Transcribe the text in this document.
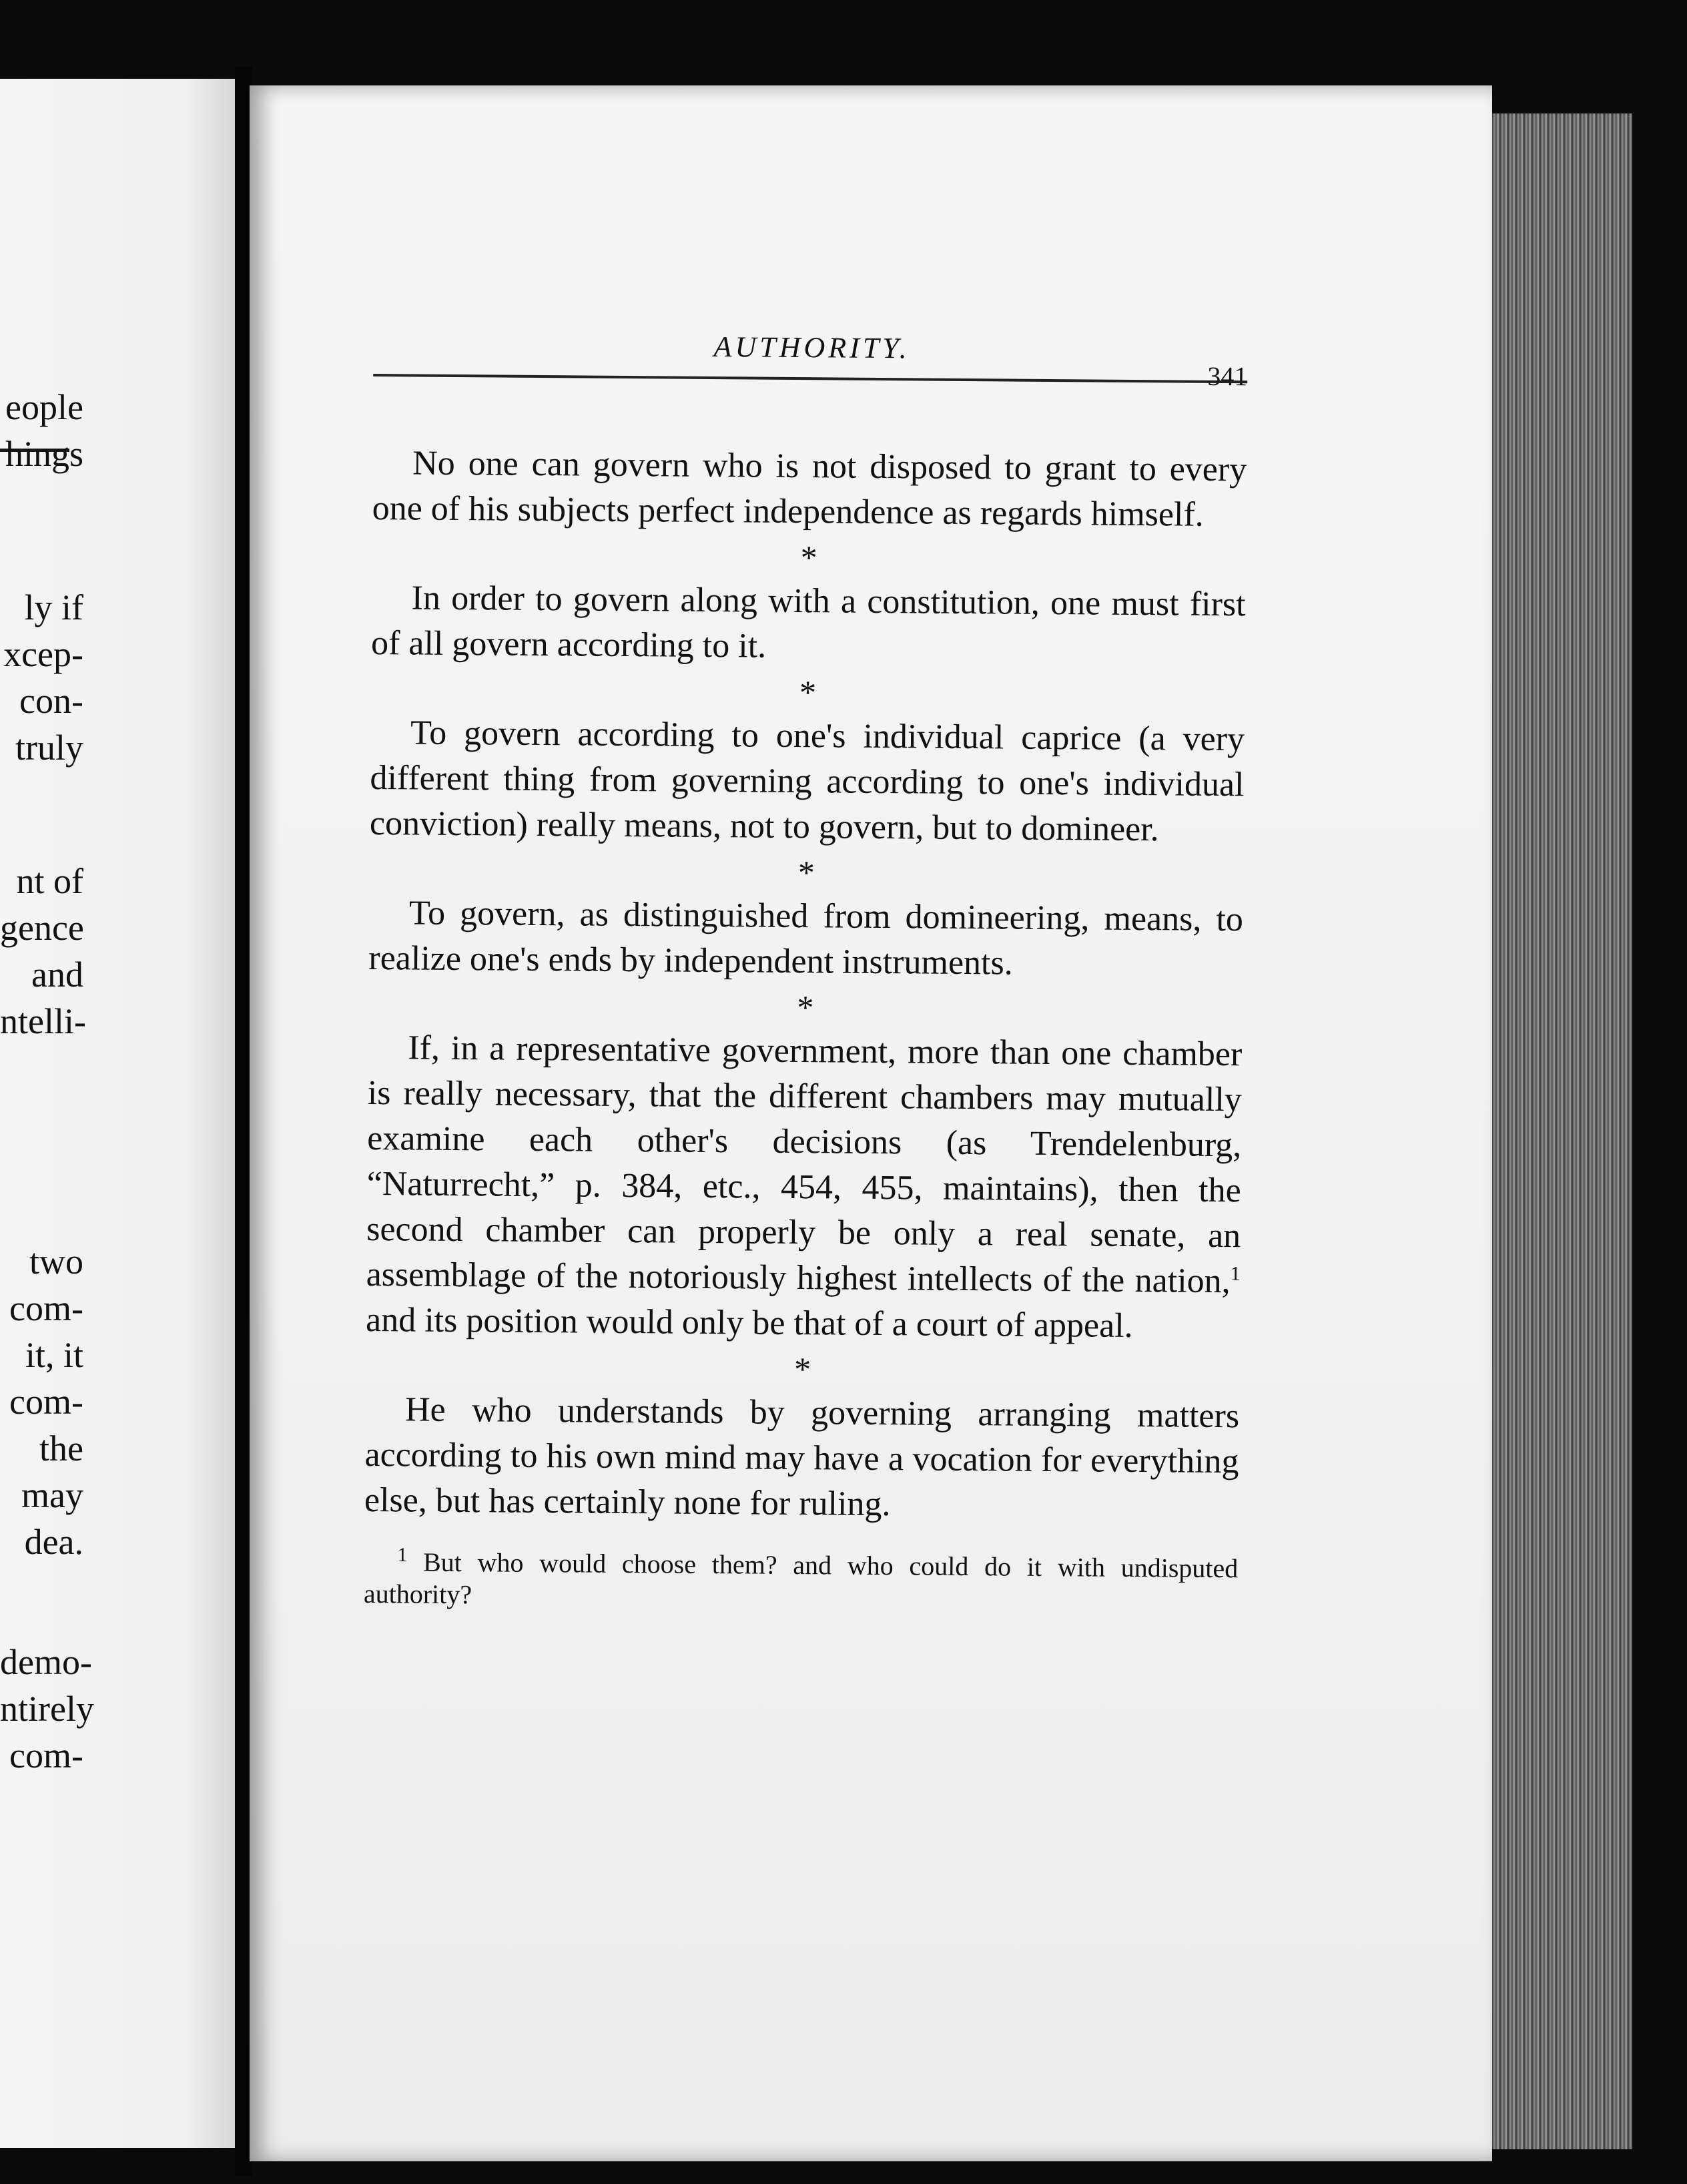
eople
hings
ly if
xcep-
con-
truly
nt of
gence
and
ntelli-
two
com-
it, it
com-
the
may
dea.
demo-
ntirely
com-
AUTHORITY.
341

No one can govern who is not disposed to grant to every one of his subjects perfect independence as regards himself.

*

In order to govern along with a constitution, one must first of all govern according to it.

*

To govern according to one's individual caprice (a very different thing from governing according to one's individual conviction) really means, not to govern, but to domineer.

*

To govern, as distinguished from domineering, means, to realize one's ends by independent instruments.

*

If, in a representative government, more than one chamber is really necessary, that the different chambers may mutually examine each other's decisions (as Trendelenburg, “Naturrecht,” p. 384, etc., 454, 455, maintains), then the second chamber can properly be only a real senate, an assemblage of the notoriously highest intellects of the nation,$^1$ and its position would only be that of a court of appeal.

*

He who understands by governing arranging matters according to his own mind may have a vocation for everything else, but has certainly none for ruling.

$^1$ But who would choose them? and who could do it with undisputed authority?
